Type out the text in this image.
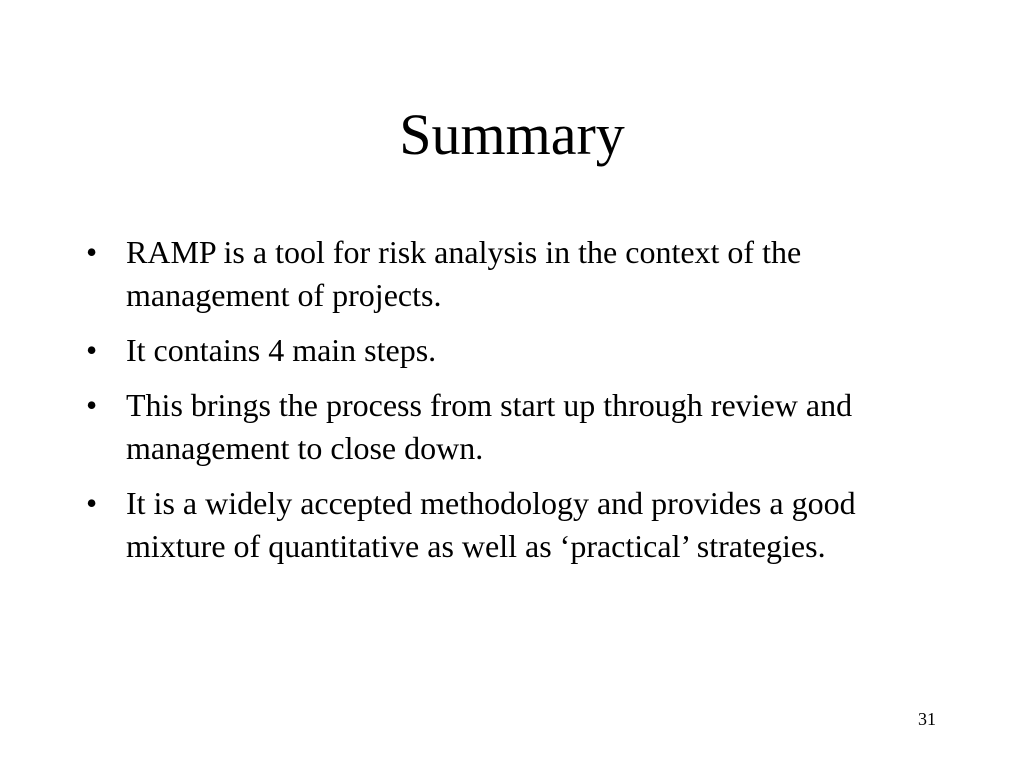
Summary
• RAMP is a tool for risk analysis in the context of the management of projects.
• It contains 4 main steps.
• This brings the process from start up through review and management to close down.
• It is a widely accepted methodology and provides a good mixture of quantitative as well as ‘practical’ strategies.
31
